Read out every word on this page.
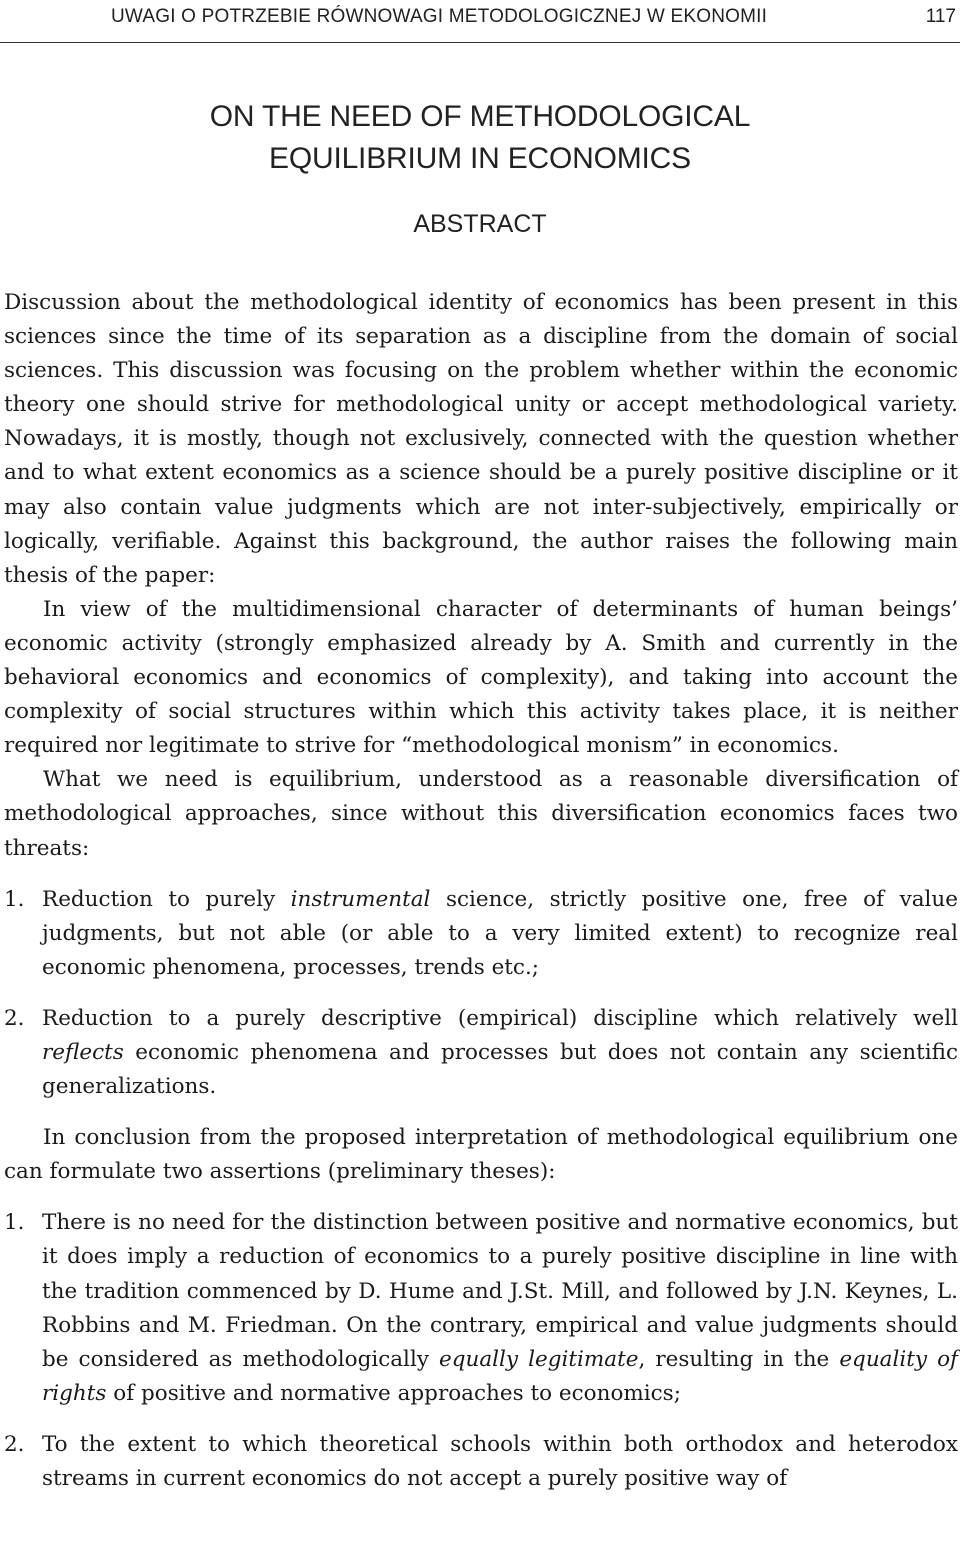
UWAGI O POTRZEBIE RÓWNOWAGI METODOLOGICZNEJ W EKONOMII	117
ON THE NEED OF METHODOLOGICAL
EQUILIBRIUM IN ECONOMICS
ABSTRACT

Discussion about the methodological identity of economics has been present in this sciences since the time of its separation as a discipline from the domain of social sciences. This discussion was focusing on the problem whether within the economic theory one should strive for methodological unity or accept methodological variety. Nowadays, it is mostly, though not exclusively, connected with the question whether and to what extent economics as a science should be a purely positive discipline or it may also contain value judgments which are not inter-subjectively, empirically or logically, verifiable. Against this background, the author raises the following main thesis of the paper:

In view of the multidimensional character of determinants of human beings’ economic activity (strongly emphasized already by A. Smith and currently in the behavioral economics and economics of complexity), and taking into account the complexity of social structures within which this activity takes place, it is neither required nor legitimate to strive for “methodological monism” in economics.

What we need is equilibrium, understood as a reasonable diversification of methodological approaches, since without this diversification economics faces two threats:

1. Reduction to purely instrumental science, strictly positive one, free of value judgments, but not able (or able to a very limited extent) to recognize real economic phenomena, processes, trends etc.;
2. Reduction to a purely descriptive (empirical) discipline which relatively well reflects economic phenomena and processes but does not contain any scientific generalizations.

In conclusion from the proposed interpretation of methodological equilibrium one can formulate two assertions (preliminary theses):

1. There is no need for the distinction between positive and normative economics, but it does imply a reduction of economics to a purely positive discipline in line with the tradition commenced by D. Hume and J.St. Mill, and followed by J.N. Keynes, L. Robbins and M. Friedman. On the contrary, empirical and value judgments should be considered as methodologically equally legitimate, resulting in the equality of rights of positive and normative approaches to economics;
2. To the extent to which theoretical schools within both orthodox and heterodox streams in current economics do not accept a purely positive way of
